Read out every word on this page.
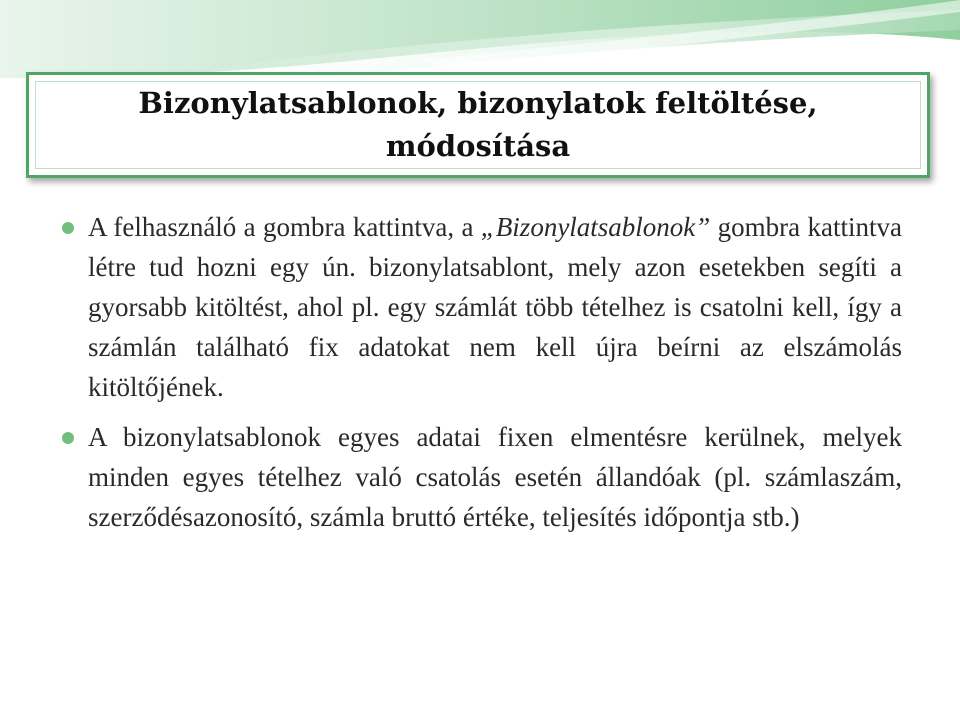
Bizonylatsablonok, bizonylatok feltöltése, módosítása

A felhasználó a gombra kattintva, a „Bizonylatsablonok” gombra kattintva létre tud hozni egy ún. bizonylatsablont, mely azon esetekben segíti a gyorsabb kitöltést, ahol pl. egy számlát több tételhez is csatolni kell, így a számlán található fix adatokat nem kell újra beírni az elszámolás kitöltőjének.

A bizonylatsablonok egyes adatai fixen elmentésre kerülnek, melyek minden egyes tételhez való csatolás esetén állandóak (pl. számlaszám, szerződésazonosító, számla bruttó értéke, teljesítés időpontja stb.)
